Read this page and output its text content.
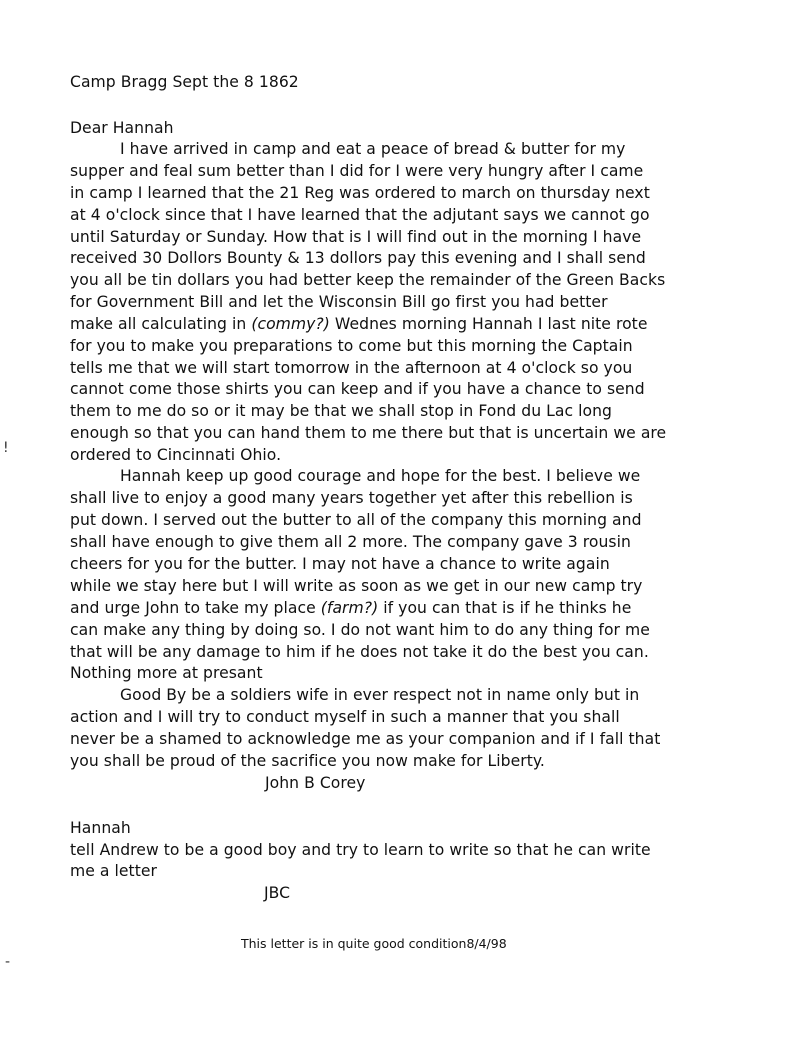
Camp Bragg Sept the 8 1862
Dear Hannah
I have arrived in camp and eat a peace of bread & butter for my
supper and feal sum better than I did for I were very hungry after I came
in camp I learned that the 21 Reg was ordered to march on thursday next
at 4 o'clock since that I have learned that the adjutant says we cannot go
until Saturday or Sunday. How that is I will find out in the morning I have
received 30 Dollors Bounty & 13 dollors pay this evening and I shall send
you all be tin dollars you had better keep the remainder of the Green Backs
for Government Bill and let the Wisconsin Bill go first you had better
make all calculating in (commy?) Wednes morning Hannah I last nite rote
for you to make you preparations to come but this morning the Captain
tells me that we will start tomorrow in the afternoon at 4 o'clock so you
cannot come those shirts you can keep and if you have a chance to send
them to me do so or it may be that we shall stop in Fond du Lac long
enough so that you can hand them to me there but that is uncertain we are
ordered to Cincinnati Ohio.
Hannah keep up good courage and hope for the best. I believe we
shall live to enjoy a good many years together yet after this rebellion is
put down. I served out the butter to all of the company this morning and
shall have enough to give them all 2 more. The company gave 3 rousin
cheers for you for the butter. I may not have a chance to write again
while we stay here but I will write as soon as we get in our new camp try
and urge John to take my place (farm?) if you can that is if he thinks he
can make any thing by doing so. I do not want him to do any thing for me
that will be any damage to him if he does not take it do the best you can.
Nothing more at presant
Good By be a soldiers wife in ever respect not in name only but in
action and I will try to conduct myself in such a manner that you shall
never be a shamed to acknowledge me as your companion and if I fall that
you shall be proud of the sacrifice you now make for Liberty.
John B Corey
Hannah
tell Andrew to be a good boy and try to learn to write so that he can write
me a letter
JBC
This letter is in quite good condition8/4/98
!
-
